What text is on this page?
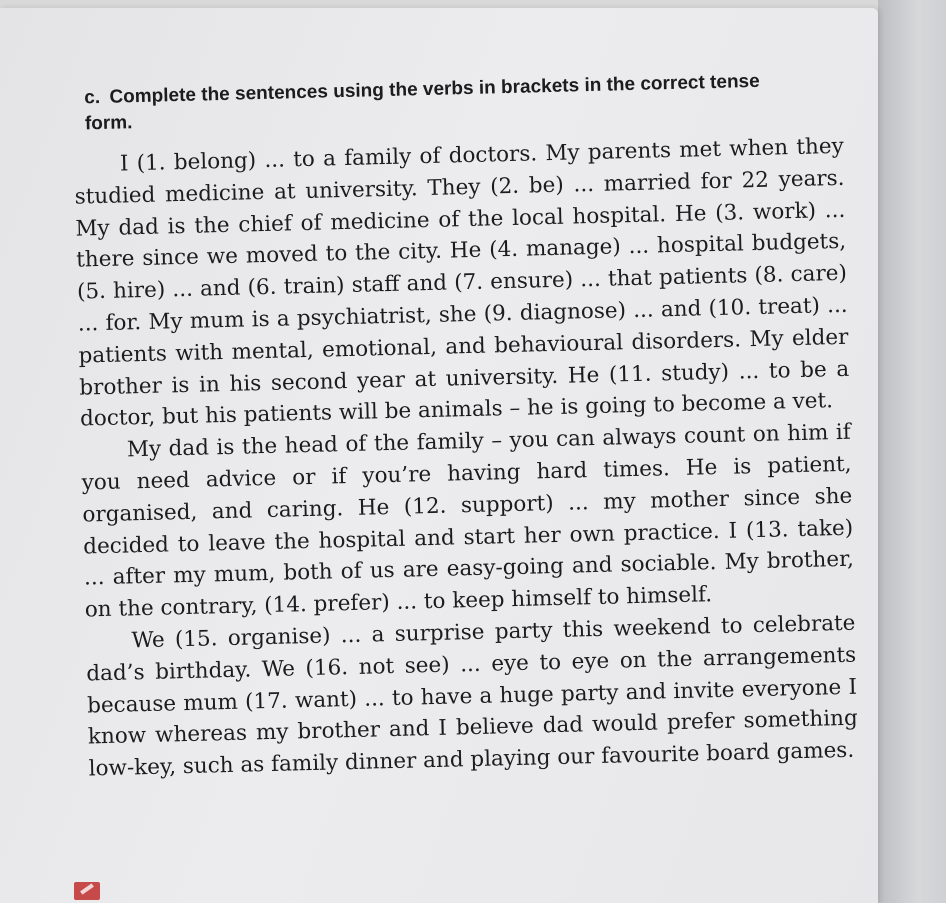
c. Complete the sentences using the verbs in brackets in the correct tense form.

I (1. belong) ... to a family of doctors. My parents met when they studied medicine at university. They (2. be) ... married for 22 years. My dad is the chief of medicine of the local hospital. He (3. work) ... there since we moved to the city. He (4. manage) ... hospital budgets, (5. hire) ... and (6. train) staff and (7. ensure) ... that patients (8. care) ... for. My mum is a psychiatrist, she (9. diagnose) ... and (10. treat) ... patients with mental, emotional, and behavioural disorders. My elder brother is in his second year at university. He (11. study) ... to be a doctor, but his patients will be animals – he is going to become a vet.

My dad is the head of the family – you can always count on him if you need advice or if you’re having hard times. He is patient, organised, and caring. He (12. support) ... my mother since she decided to leave the hospital and start her own practice. I (13. take) ... after my mum, both of us are easy-going and sociable. My brother, on the contrary, (14. prefer) ... to keep himself to himself.

We (15. organise) ... a surprise party this weekend to celebrate dad’s birthday. We (16. not see) ... eye to eye on the arrangements because mum (17. want) ... to have a huge party and invite everyone I know whereas my brother and I believe dad would prefer something low-key, such as family dinner and playing our favourite board games.
